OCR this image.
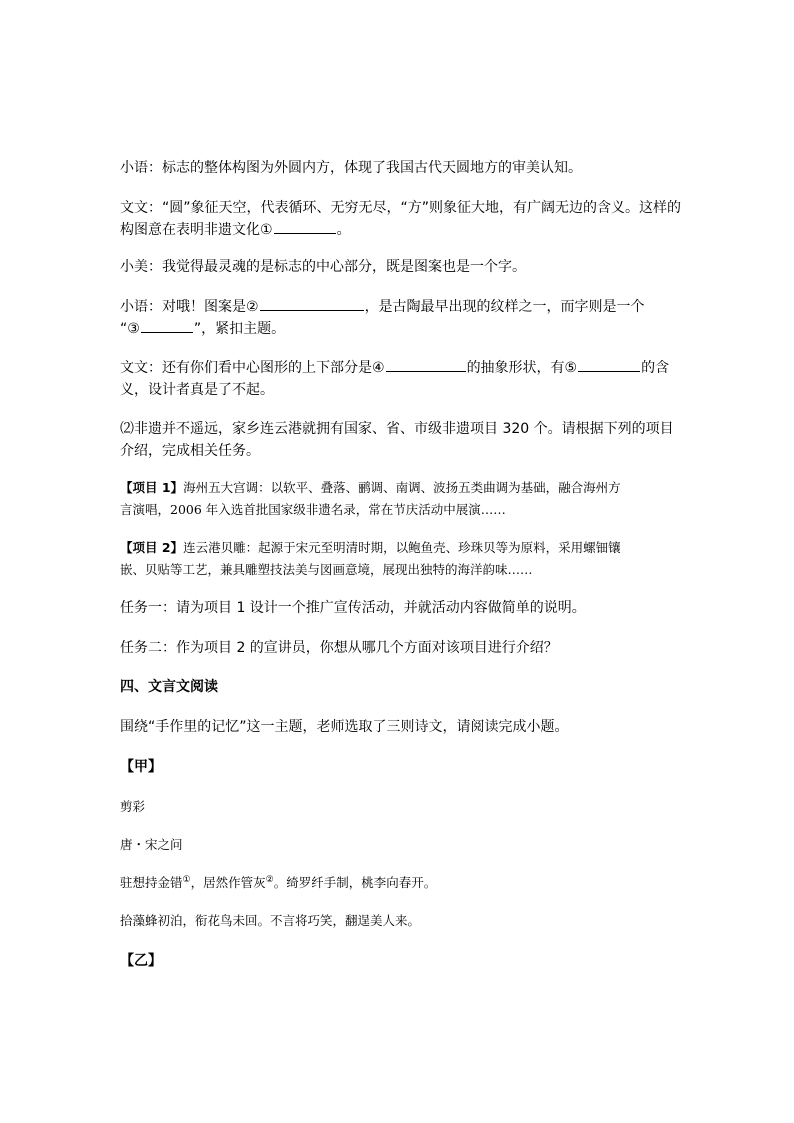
小语：标志的整体构图为外圆内方，体现了我国古代天圆地方的审美认知。

文文：“圆”象征天空，代表循环、无穷无尽，“方”则象征大地，有广阔无边的含义。这样的

构图意在表明非遗文化①	。

小美：我觉得最灵魂的是标志的中心部分，既是图案也是一个字。

小语：对哦！图案是②	，是古陶最早出现的纹样之一，而字则是一个

“③	”，紧扣主题。

文文：还有你们看中心图形的上下部分是④	的抽象形状，有⑤	的含

义，设计者真是了不起。

⑵非遗并不遥远，家乡连云港就拥有国家、省、市级非遗项目 320 个。请根据下列的项目

介绍，完成相关任务。

【项目 1】海州五大宫调：以软平、叠落、鹂调、南调、波扬五类曲调为基础，融合海州方

言演唱，2006 年入选首批国家级非遗名录，常在节庆活动中展演……

【项目 2】连云港贝雕：起源于宋元至明清时期，以鲍鱼壳、珍珠贝等为原料，采用螺钿镶

嵌、贝贴等工艺，兼具雕塑技法美与図画意境，展现出独特的海洋韵味……

任务一：请为项目 1 设计一个推广宣传活动，并就活动内容做简单的说明。

任务二：作为项目 2 的宣讲员，你想从哪几个方面对该项目进行介绍？

四、文言文阅读

围绕“手作里的记忆”这一主题，老师选取了三则诗文，请阅读完成小题。

【甲】

剪彩

唐・宋之问

驻想持金错①，居然作管灰②。绮罗纤手制，桃李向春开。

拾藻蜂初泊，衔花鸟未回。不言将巧笑，翻逞美人来。

【乙】
